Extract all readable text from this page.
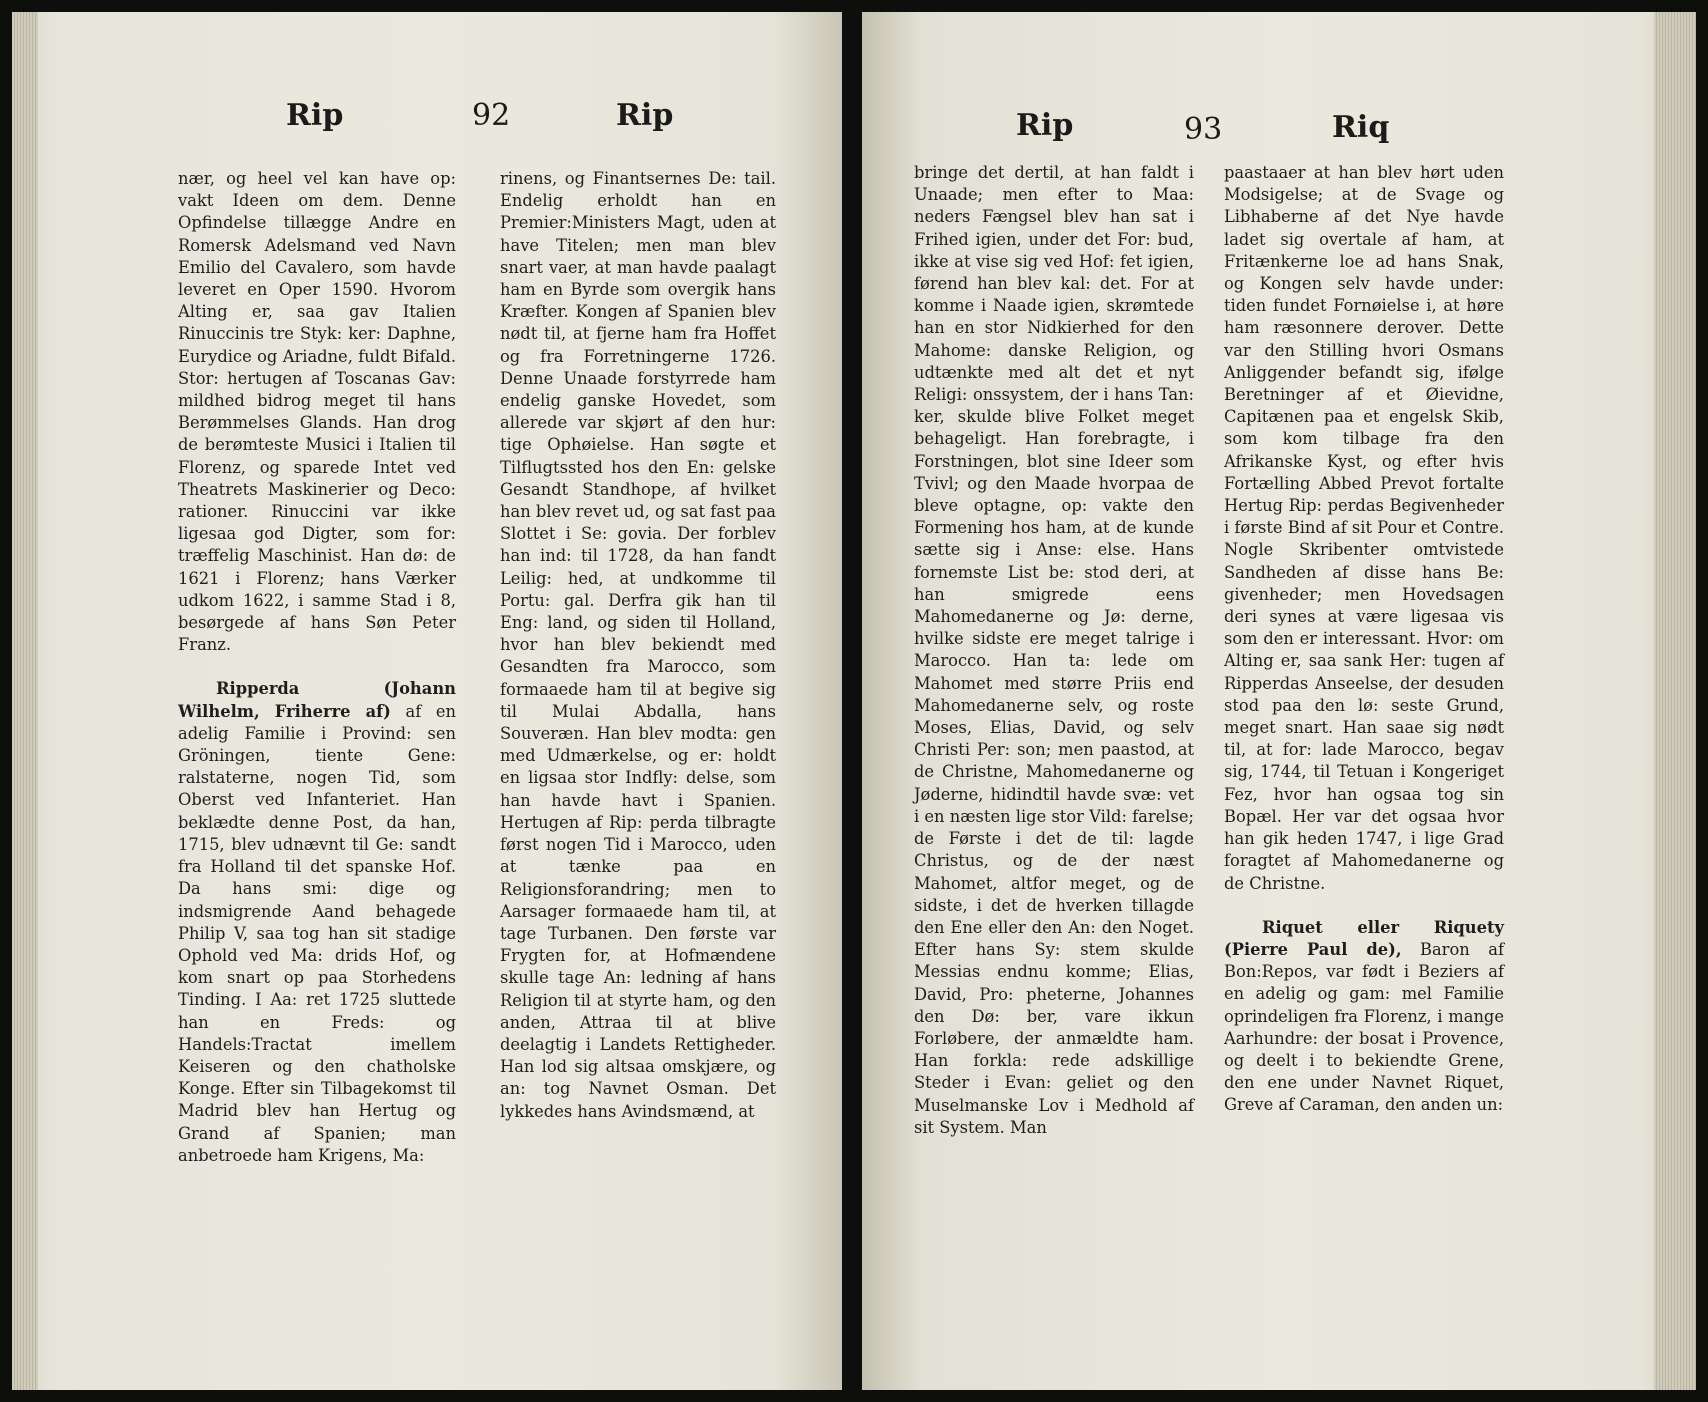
Rip	92	Rip

nær, og heel vel kan have op: vakt Ideen om dem. Denne Opfindelse tillægge Andre en Romersk Adelsmand ved Navn Emilio del Cavalero, som havde leveret en Oper 1590. Hvorom Alting er, saa gav Italien Rinuccinis tre Styk: ker: Daphne, Eurydice og Ariadne, fuldt Bifald. Stor: hertugen af Toscanas Gav: mildhed bidrog meget til hans Berømmelses Glands. Han drog de berømteste Musici i Italien til Florenz, og sparede Intet ved Theatrets Maskinerier og Deco: rationer. Rinuccini var ikke ligesaa god Digter, som for: træffelig Maschinist. Han dø: de 1621 i Florenz; hans Værker udkom 1622, i samme Stad i 8, besørgede af hans Søn Peter Franz.

Ripperda (Johann Wilhelm, Friherre af) af en adelig Familie i Provind: sen Gröningen, tiente Gene: ralstaterne, nogen Tid, som Oberst ved Infanteriet. Han beklædte denne Post, da han, 1715, blev udnævnt til Ge: sandt fra Holland til det spanske Hof. Da hans smi: dige og indsmigrende Aand behagede Philip V, saa tog han sit stadige Ophold ved Ma: drids Hof, og kom snart op paa Storhedens Tinding. I Aa: ret 1725 sluttede han en Freds: og Handels:Tractat imellem Keiseren og den chatholske Konge. Efter sin Tilbagekomst til Madrid blev han Hertug og Grand af Spanien; man anbetroede ham Krigens, Ma:

rinens, og Finantsernes De: tail. Endelig erholdt han en Premier:Ministers Magt, uden at have Titelen; men man blev snart vaer, at man havde paalagt ham en Byrde som overgik hans Kræfter. Kongen af Spanien blev nødt til, at fjerne ham fra Hoffet og fra Forretningerne 1726. Denne Unaade forstyrrede ham endelig ganske Hovedet, som allerede var skjørt af den hur: tige Ophøielse. Han søgte et Tilflugtssted hos den En: gelske Gesandt Standhope, af hvilket han blev revet ud, og sat fast paa Slottet i Se: govia. Der forblev han ind: til 1728, da han fandt Leilig: hed, at undkomme til Portu: gal. Derfra gik han til Eng: land, og siden til Holland, hvor han blev bekiendt med Gesandten fra Marocco, som formaaede ham til at begive sig til Mulai Abdalla, hans Souveræn. Han blev modta: gen med Udmærkelse, og er: holdt en ligsaa stor Indfly: delse, som han havde havt i Spanien. Hertugen af Rip: perda tilbragte først nogen Tid i Marocco, uden at tænke paa en Religionsforandring; men to Aarsager formaaede ham til, at tage Turbanen. Den første var Frygten for, at Hofmændene skulle tage An: ledning af hans Religion til at styrte ham, og den anden, Attraa til at blive deelagtig i Landets Rettigheder. Han lod sig altsaa omskjære, og an: tog Navnet Osman. Det lykkedes hans Avindsmænd, at

Rip	93	Riq

bringe det dertil, at han faldt i Unaade; men efter to Maa: neders Fængsel blev han sat i Frihed igien, under det For: bud, ikke at vise sig ved Hof: fet igien, førend han blev kal: det. For at komme i Naade igien, skrømtede han en stor Nidkierhed for den Mahome: danske Religion, og udtænkte med alt det et nyt Religi: onssystem, der i hans Tan: ker, skulde blive Folket meget behageligt. Han forebragte, i Forstningen, blot sine Ideer som Tvivl; og den Maade hvorpaa de bleve optagne, op: vakte den Formening hos ham, at de kunde sætte sig i Anse: else. Hans fornemste List be: stod deri, at han smigrede eens Mahomedanerne og Jø: derne, hvilke sidste ere meget talrige i Marocco. Han ta: lede om Mahomet med større Priis end Mahomedanerne selv, og roste Moses, Elias, David, og selv Christi Per: son; men paastod, at de Christne, Mahomedanerne og Jøderne, hidindtil havde svæ: vet i en næsten lige stor Vild: farelse; de Første i det de til: lagde Christus, og de der næst Mahomet, altfor meget, og de sidste, i det de hverken tillagde den Ene eller den An: den Noget. Efter hans Sy: stem skulde Messias endnu komme; Elias, David, Pro: pheterne, Johannes den Dø: ber, vare ikkun Forløbere, der anmældte ham. Han forkla: rede adskillige Steder i Evan: geliet og den Muselmanske Lov i Medhold af sit System. Man

paastaaer at han blev hørt uden Modsigelse; at de Svage og Libhaberne af det Nye havde ladet sig overtale af ham, at Fritænkerne loe ad hans Snak, og Kongen selv havde under: tiden fundet Fornøielse i, at høre ham ræsonnere derover. Dette var den Stilling hvori Osmans Anliggender befandt sig, ifølge Beretninger af et Øievidne, Capitænen paa et engelsk Skib, som kom tilbage fra den Afrikanske Kyst, og efter hvis Fortælling Abbed Prevot fortalte Hertug Rip: perdas Begivenheder i første Bind af sit Pour et Contre. Nogle Skribenter omtvistede Sandheden af disse hans Be: givenheder; men Hovedsagen deri synes at være ligesaa vis som den er interessant. Hvor: om Alting er, saa sank Her: tugen af Ripperdas Anseelse, der desuden stod paa den lø: seste Grund, meget snart. Han saae sig nødt til, at for: lade Marocco, begav sig, 1744, til Tetuan i Kongeriget Fez, hvor han ogsaa tog sin Bopæl. Her var det ogsaa hvor han gik heden 1747, i lige Grad foragtet af Mahomedanerne og de Christne.

Riquet eller Riquety (Pierre Paul de), Baron af Bon:Repos, var født i Beziers af en adelig og gam: mel Familie oprindeligen fra Florenz, i mange Aarhundre: der bosat i Provence, og deelt i to bekiendte Grene, den ene under Navnet Riquet, Greve af Caraman, den anden un:
